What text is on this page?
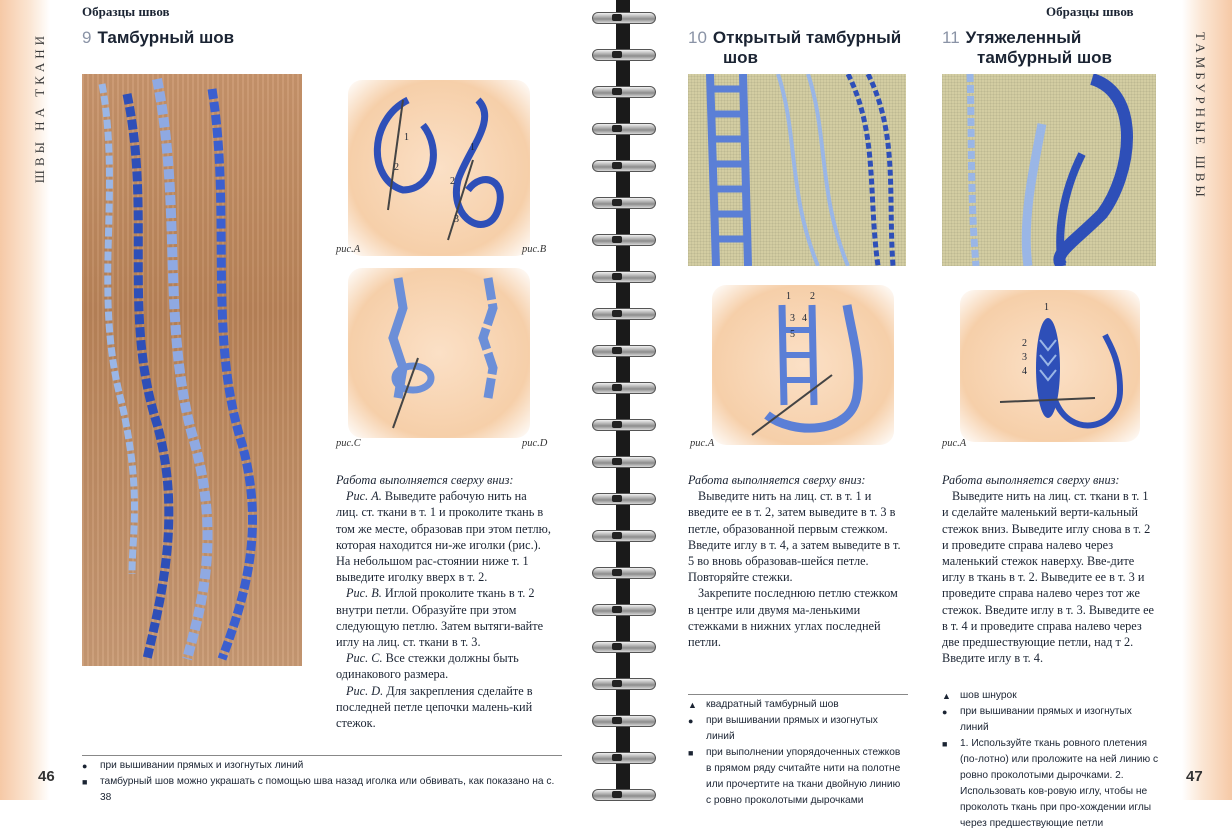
ШВЫ НА ТКАНИ
Образцы швов
9 Тамбурный шов
1
2
1
2
3
рис.A	рис.B
рис.C	рис.D

Работа выполняется сверху вниз:

Рис. A. Выведите рабочую нить на лиц. ст. ткани в т. 1 и проколите ткань в том же месте, образовав при этом петлю, которая находится ни-же иголки (рис.). На небольшом рас-стоянии ниже т. 1 выведите иголку вверх в т. 2.

Рис. B. Иглой проколите ткань в т. 2 внутри петли. Образуйте при этом следующую петлю. Затем вытяги-вайте иглу на лиц. ст. ткани в т. 3.

Рис. C. Все стежки должны быть одинакового размера.

Рис. D. Для закрепления сделайте в последней петле цепочки малень-кий стежок.

●	при вышивании прямых и изогнутых линий
■	тамбурный шов можно украшать с помощью шва назад иголка или обвивать, как показано на с. 38
46
ТАМБУРНЫЕ ШВЫ
Образцы швов
10 Открытый тамбурный
шов
1 2
3 4
5
рис.A

Работа выполняется сверху вниз:

Выведите нить на лиц. ст. в т. 1 и введите ее в т. 2, затем выведите в т. 3 в петле, образованной первым стежком. Введите иглу в т. 4, а затем выведите в т. 5 во вновь образовав-шейся петле. Повторяйте стежки.

Закрепите последнюю петлю стежком в центре или двумя ма-ленькими стежками в нижних углах последней петли.

▲ квадратный тамбурный шов
●	при вышивании прямых и изогнутых линий
■	при выполнении упорядоченных стежков в прямом ряду считайте нити на полотне или прочертите на ткани двойную линию с ровно проколотыми дырочками
11 Утяжеленный
тамбурный шов
1
2
3
4
рис.A

Работа выполняется сверху вниз:

Выведите нить на лиц. ст. ткани в т. 1 и сделайте маленький верти-кальный стежок вниз. Выведите иглу снова в т. 2 и проведите справа налево через маленький стежок наверху. Вве-дите иглу в ткань в т. 2. Выведите ее в т. 3 и проведите справа налево через тот же стежок. Введите иглу в т. 3. Выведите ее в т. 4 и проведите справа налево через две предшествующие петли, над т 2. Введите иглу в т. 4.

▲ шов шнурок
●	при вышивании прямых и изогнутых линий
■	1. Используйте ткань ровного плетения (по-лотно) или проложите на ней линию с ровно проколотыми дырочками. 2. Использовать ков-ровую иглу, чтобы не проколоть ткань при про-хождении иглы через предшествующие петли
47
